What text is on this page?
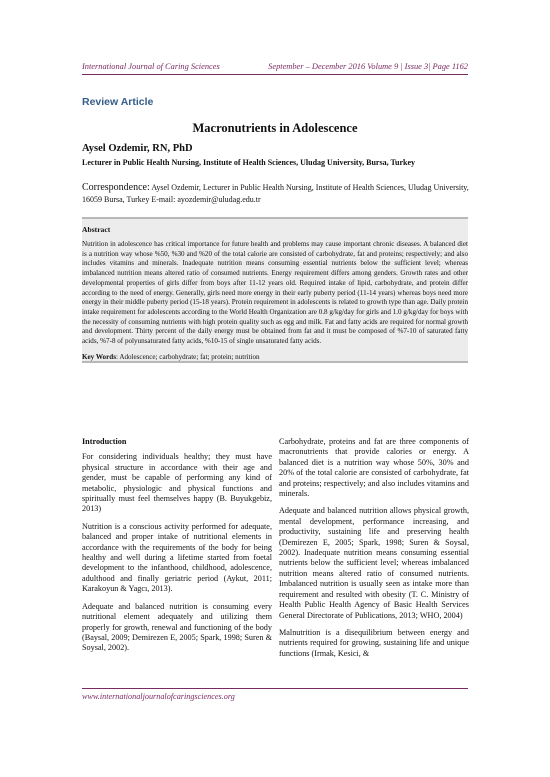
International Journal of Caring Sciences	September – December 2016 Volume 9 | Issue 3| Page 1162
Review Article
Macronutrients in Adolescence
Aysel Ozdemir, RN, PhD
Lecturer in Public Health Nursing, Institute of Health Sciences, Uludag University, Bursa, Turkey
Correspondence: Aysel Ozdemir, Lecturer in Public Health Nursing, Institute of Health Sciences, Uludag University, 16059 Bursa, Turkey E-mail: ayozdemir@uludag.edu.tr
Abstract

Nutrition in adolescence has critical importance for future health and problems may cause important chronic diseases. A balanced diet is a nutrition way whose %50, %30 and %20 of the total calorie are consisted of carbohydrate, fat and proteins; respectively; and also includes vitamins and minerals. Inadequate nutrition means consuming essential nutrients below the sufficient level; whereas imbalanced nutrition means altered ratio of consumed nutrients. Energy requirement differs among genders. Growth rates and other developmental properties of girls differ from boys after 11-12 years old. Required intake of lipid, carbohydrate, and protein differ according to the need of energy. Generally, girls need more energy in their early puberty period (11-14 years) whereas boys need more energy in their middle puberty period (15-18 years). Protein requirement in adolescents is related to growth type than age. Daily protein intake requirement for adolescents according to the World Health Organization are 0.8 g/kg/day for girls and 1.0 g/kg/day for boys with the necessity of consuming nutrients with high protein quality such as egg and milk. Fat and fatty acids are required for normal growth and development. Thirty percent of the daily energy must be obtained from fat and it must be composed of %7-10 of saturated fatty acids, %7-8 of polyunsaturated fatty acids, %10-15 of single unsaturated fatty acids.

Key Words: Adolescence; carbohydrate; fat; protein; nutrition
Introduction

For considering individuals healthy; they must have physical structure in accordance with their age and gender, must be capable of performing any kind of metabolic, physiologic and physical functions and spiritually must feel themselves happy (B. Buyukgebiz, 2013)

Nutrition is a conscious activity performed for adequate, balanced and proper intake of nutritional elements in accordance with the requirements of the body for being healthy and well during a lifetime started from foetal development to the infanthood, childhood, adolescence, adulthood and finally geriatric period (Aykut, 2011; Karakoyun & Yagcı, 2013).

Adequate and balanced nutrition is consuming every nutritional element adequately and utilizing them properly for growth, renewal and functioning of the body (Baysal, 2009; Demirezen E, 2005; Spark, 1998; Suren & Soysal, 2002).

Carbohydrate, proteins and fat are three components of macronutrients that provide calories or energy. A balanced diet is a nutrition way whose 50%, 30% and 20% of the total calorie are consisted of carbohydrate, fat and proteins; respectively; and also includes vitamins and minerals.

Adequate and balanced nutrition allows physical growth, mental development, performance increasing, and productivity, sustaining life and preserving health (Demirezen E, 2005; Spark, 1998; Suren & Soysal, 2002). Inadequate nutrition means consuming essential nutrients below the sufficient level; whereas imbalanced nutrition means altered ratio of consumed nutrients. Imbalanced nutrition is usually seen as intake more than requirement and resulted with obesity (T. C. Ministry of Health Public Health Agency of Basic Health Services General Directorate of Publications, 2013; WHO, 2004)

Malnutrition is a disequilibrium between energy and nutrients required for growing, sustaining life and unique functions (Irmak, Kesici, &

www.internationaljournalofcaringsciences.org
